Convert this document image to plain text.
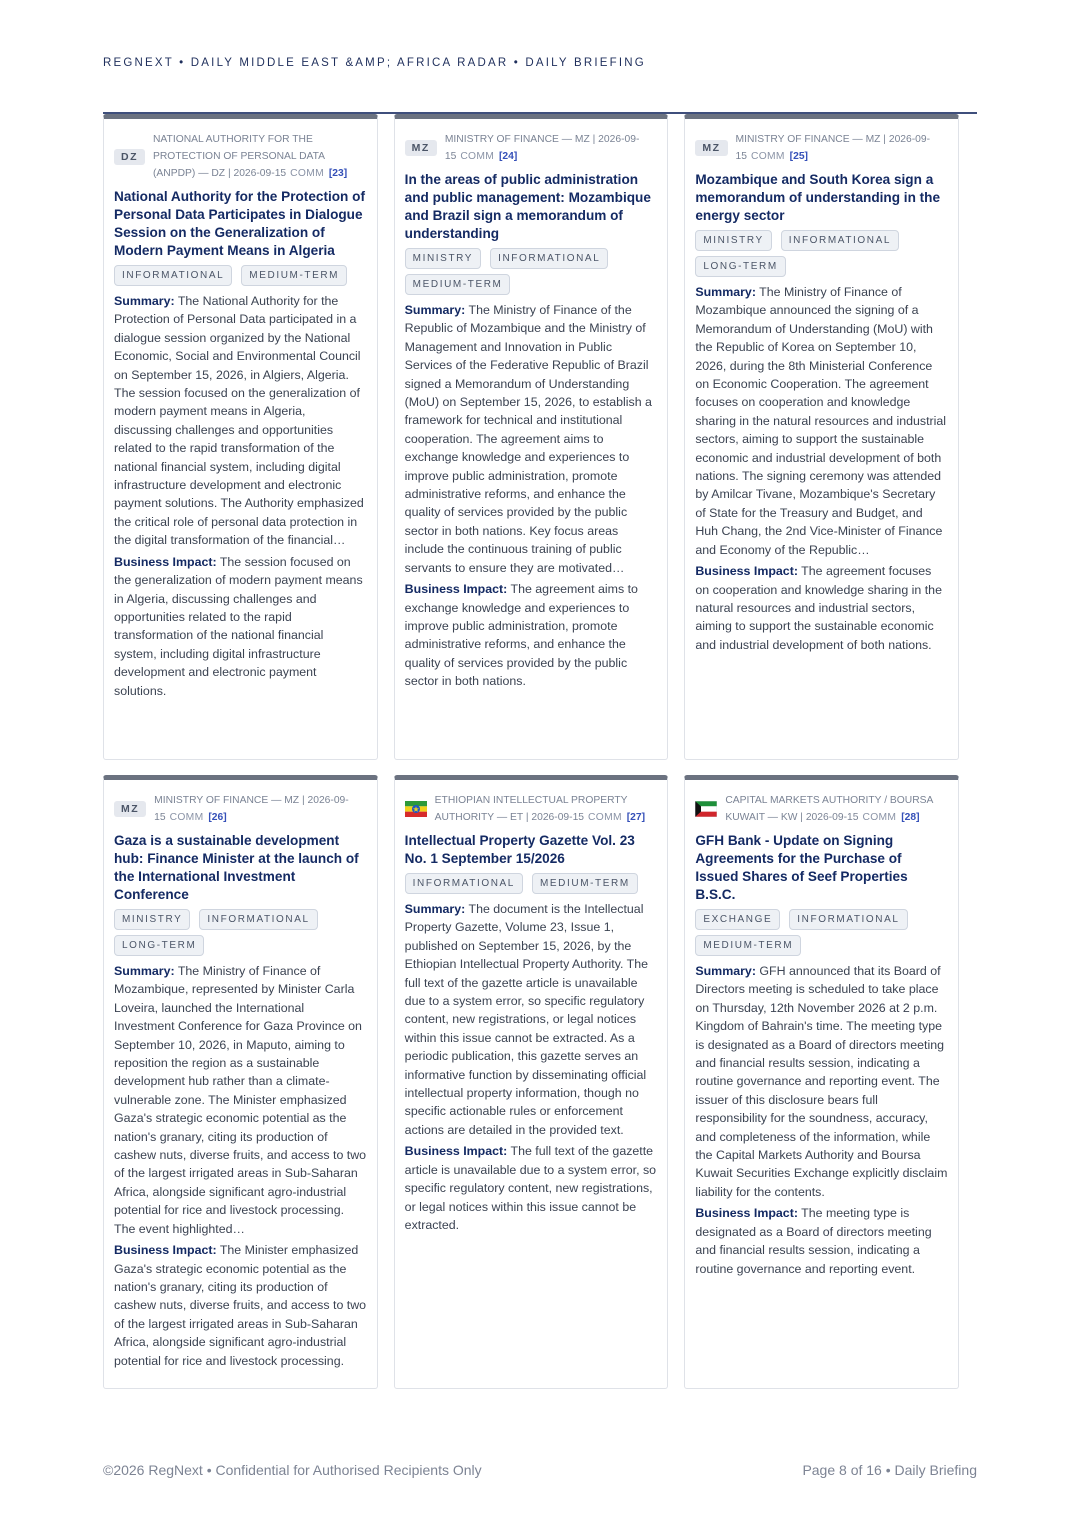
REGNEXT • DAILY MIDDLE EAST &AMP; AFRICA RADAR • DAILY BRIEFING
DZ
NATIONAL AUTHORITY FOR THE PROTECTION OF PERSONAL DATA (ANPDP) — DZ | 2026-09-15 COMM [23]
National Authority for the Protection of Personal Data Participates in Dialogue Session on the Generalization of Modern Payment Means in Algeria
INFORMATIONAL	MEDIUM-TERM

Summary: The National Authority for the Protection of Personal Data participated in a dialogue session organized by the National Economic, Social and Environmental Council on September 15, 2026, in Algiers, Algeria. The session focused on the generalization of modern payment means in Algeria, discussing challenges and opportunities related to the rapid transformation of the national financial system, including digital infrastructure development and electronic payment solutions. The Authority emphasized the critical role of personal data protection in the digital transformation of the financial…

Business Impact: The session focused on the generalization of modern payment means in Algeria, discussing challenges and opportunities related to the rapid transformation of the national financial system, including digital infrastructure development and electronic payment solutions.

MZ
MINISTRY OF FINANCE — MZ | 2026-09-15 COMM [24]
In the areas of public administration and public management: Mozambique and Brazil sign a memorandum of understanding
MINISTRY	INFORMATIONAL
MEDIUM-TERM

Summary: The Ministry of Finance of the Republic of Mozambique and the Ministry of Management and Innovation in Public Services of the Federative Republic of Brazil signed a Memorandum of Understanding (MoU) on September 15, 2026, to establish a framework for technical and institutional cooperation. The agreement aims to exchange knowledge and experiences to improve public administration, promote administrative reforms, and enhance the quality of services provided by the public sector in both nations. Key focus areas include the continuous training of public servants to ensure they are motivated…

Business Impact: The agreement aims to exchange knowledge and experiences to improve public administration, promote administrative reforms, and enhance the quality of services provided by the public sector in both nations.

MZ
MINISTRY OF FINANCE — MZ | 2026-09-15 COMM [25]
Mozambique and South Korea sign a memorandum of understanding in the energy sector
MINISTRY	INFORMATIONAL
LONG-TERM

Summary: The Ministry of Finance of Mozambique announced the signing of a Memorandum of Understanding (MoU) with the Republic of Korea on September 10, 2026, during the 8th Ministerial Conference on Economic Cooperation. The agreement focuses on cooperation and knowledge sharing in the natural resources and industrial sectors, aiming to support the sustainable economic and industrial development of both nations. The signing ceremony was attended by Amilcar Tivane, Mozambique's Secretary of State for the Treasury and Budget, and Huh Chang, the 2nd Vice-Minister of Finance and Economy of the Republic…

Business Impact: The agreement focuses on cooperation and knowledge sharing in the natural resources and industrial sectors, aiming to support the sustainable economic and industrial development of both nations.

MZ
MINISTRY OF FINANCE — MZ | 2026-09-15 COMM [26]
Gaza is a sustainable development hub: Finance Minister at the launch of the International Investment Conference
MINISTRY	INFORMATIONAL
LONG-TERM

Summary: The Ministry of Finance of Mozambique, represented by Minister Carla Loveira, launched the International Investment Conference for Gaza Province on September 10, 2026, in Maputo, aiming to reposition the region as a sustainable development hub rather than a climate-vulnerable zone. The Minister emphasized Gaza's strategic economic potential as the nation's granary, citing its production of cashew nuts, diverse fruits, and access to two of the largest irrigated areas in Sub-Saharan Africa, alongside significant agro-industrial potential for rice and livestock processing. The event highlighted…

Business Impact: The Minister emphasized Gaza's strategic economic potential as the nation's granary, citing its production of cashew nuts, diverse fruits, and access to two of the largest irrigated areas in Sub-Saharan Africa, alongside significant agro-industrial potential for rice and livestock processing.

ETHIOPIAN INTELLECTUAL PROPERTY AUTHORITY — ET | 2026-09-15 COMM [27]
Intellectual Property Gazette Vol. 23 No. 1 September 15/2026
INFORMATIONAL	MEDIUM-TERM

Summary: The document is the Intellectual Property Gazette, Volume 23, Issue 1, published on September 15, 2026, by the Ethiopian Intellectual Property Authority. The full text of the gazette article is unavailable due to a system error, so specific regulatory content, new registrations, or legal notices within this issue cannot be extracted. As a periodic publication, this gazette serves an informative function by disseminating official intellectual property information, though no specific actionable rules or enforcement actions are detailed in the provided text.

Business Impact: The full text of the gazette article is unavailable due to a system error, so specific regulatory content, new registrations, or legal notices within this issue cannot be extracted.

CAPITAL MARKETS AUTHORITY / BOURSA KUWAIT — KW | 2026-09-15 COMM [28]
GFH Bank - Update on Signing Agreements for the Purchase of Issued Shares of Seef Properties B.S.C.
EXCHANGE	INFORMATIONAL
MEDIUM-TERM

Summary: GFH announced that its Board of Directors meeting is scheduled to take place on Thursday, 12th November 2026 at 2 p.m. Kingdom of Bahrain's time. The meeting type is designated as a Board of directors meeting and financial results session, indicating a routine governance and reporting event. The issuer of this disclosure bears full responsibility for the soundness, accuracy, and completeness of the information, while the Capital Markets Authority and Boursa Kuwait Securities Exchange explicitly disclaim liability for the contents.

Business Impact: The meeting type is designated as a Board of directors meeting and financial results session, indicating a routine governance and reporting event.

©2026 RegNext • Confidential for Authorised Recipients Only	Page 8 of 16 • Daily Briefing
